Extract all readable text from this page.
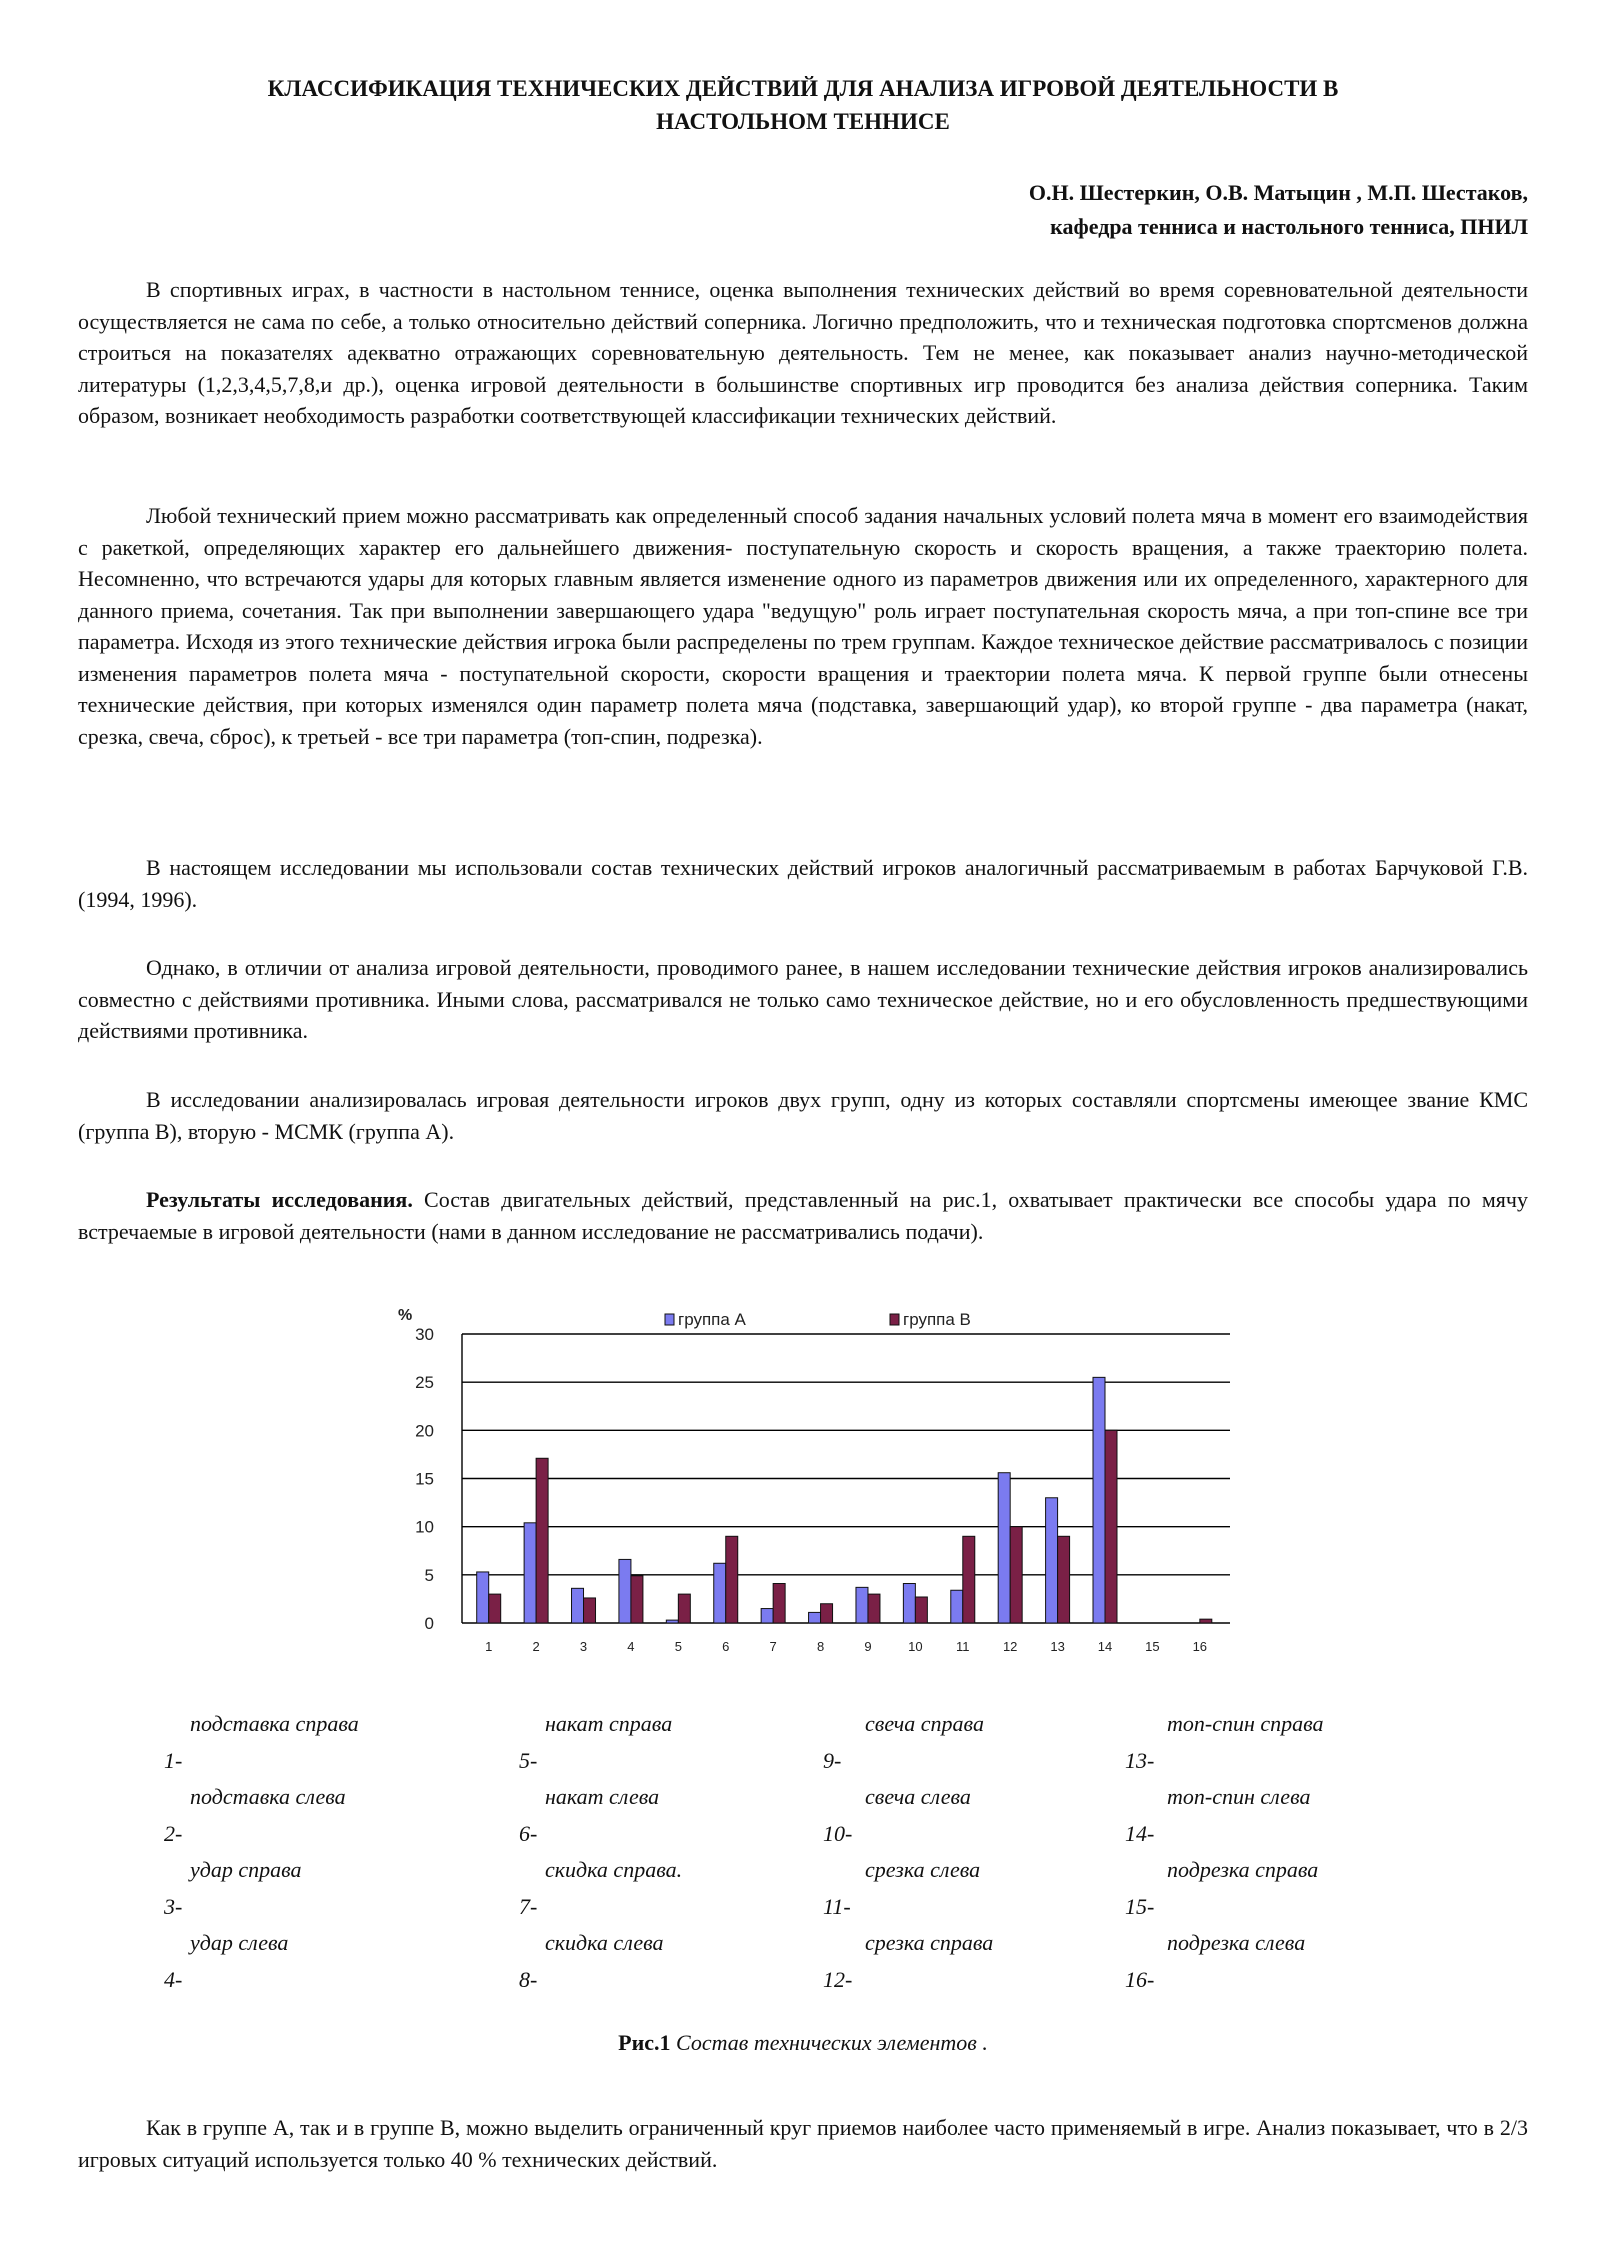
КЛАССИФИКАЦИЯ ТЕХНИЧЕСКИХ ДЕЙСТВИЙ ДЛЯ АНАЛИЗА ИГРОВОЙ ДЕЯТЕЛЬНОСТИ В
НАСТОЛЬНОМ ТЕННИСЕ
О.Н. Шестеркин, О.В. Матыцин , М.П. Шестаков,
кафедра тенниса и настольного тенниса, ПНИЛ

В спортивных играх, в частности в настольном теннисе, оценка выполнения технических действий во время соревновательной деятельности осуществляется не сама по себе, а только относительно действий соперника. Логично предположить, что и техническая подготовка спортсменов должна строиться на показателях адекватно отражающих соревновательную деятельность. Тем не менее, как показывает анализ научно-методической литературы (1,2,3,4,5,7,8,и др.), оценка игровой деятельности в большинстве спортивных игр проводится без анализа действия соперника. Таким образом, возникает необходимость разработки соответствующей классификации технических действий.

Любой технический прием можно рассматривать как определенный способ задания начальных условий полета мяча в момент его взаимодействия с ракеткой, определяющих характер его дальнейшего движения- поступательную скорость и скорость вращения, а также траекторию полета. Несомненно, что встречаются удары для которых главным является изменение одного из параметров движения или их определенного, характерного для данного приема, сочетания. Так при выполнении завершающего удара "ведущую" роль играет поступательная скорость мяча, а при топ-спине все три параметра. Исходя из этого технические действия игрока были распределены по трем группам. Каждое техническое действие рассматривалось с позиции изменения параметров полета мяча - поступательной скорости, скорости вращения и траектории полета мяча. К первой группе были отнесены технические действия, при которых изменялся один параметр полета мяча (подставка, завершающий удар), ко второй группе - два параметра (накат, срезка, свеча, сброс), к третьей - все три параметра (топ-спин, подрезка).

В настоящем исследовании мы использовали состав технических действий игроков аналогичный рассматриваемым в работах Барчуковой Г.В. (1994, 1996).

Однако, в отличии от анализа игровой деятельности, проводимого ранее, в нашем исследовании технические действия игроков анализировались совместно с действиями противника. Иными слова, рассматривался не только само техническое действие, но и его обусловленность предшествующими действиями противника.

В исследовании анализировалась игровая деятельности игроков двух групп, одну из которых составляли спортсмены имеющее звание КМС (группа В), вторую - МСМК (группа А).

Результаты исследования. Состав двигательных действий, представленный на рис.1, охватывает практически все способы удара по мячу встречаемые в игровой деятельности (нами в данном исследование не рассматривались подачи).

%
0
5
10
15
20
25
30
1	2	3	4	5	6	7	8	9	10	11	12	13	14	15	16
группа А	группа В
подставка справа
1-
подставка слева
2-
удар справа
3-
удар слева
4-
накат справа
5-
накат слева
6-
скидка справа.
7-
скидка слева
8-
свеча справа
9-
свеча слева
10-
срезка слева
11-
срезка справа
12-
топ-спин справа
13-
топ-спин слева
14-
подрезка справа
15-
подрезка слева
16-
Рис.1 Состав технических элементов .

Как в группе А, так и в группе В, можно выделить ограниченный круг приемов наиболее часто применяемый в игре. Анализ показывает, что в 2/3 игровых ситуаций используется только 40 % технических действий.
